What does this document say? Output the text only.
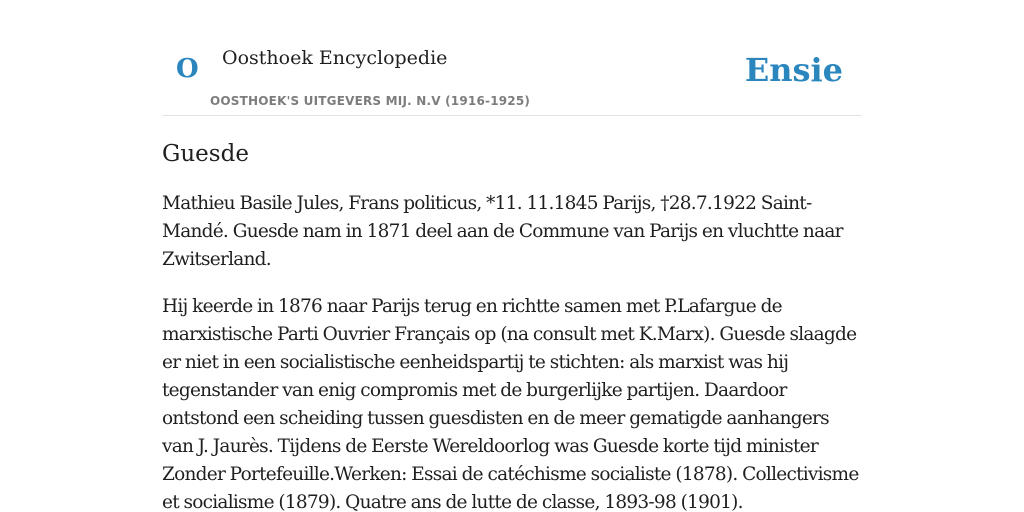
O Oosthoek Encyclopedie
OOSTHOEK'S UITGEVERS MIJ. N.V (1916-1925)
Ensie
Guesde

Mathieu Basile Jules, Frans politicus, *11. 11.1845 Parijs, †28.7.1922 Saint-Mandé. Guesde nam in 1871 deel aan de Commune van Parijs en vluchtte naar Zwitserland.

Hij keerde in 1876 naar Parijs terug en richtte samen met P.Lafargue de marxistische Parti Ouvrier Français op (na consult met K.Marx). Guesde slaagde er niet in een socialistische eenheidspartij te stichten: als marxist was hij tegenstander van enig compromis met de burgerlijke partijen. Daardoor ontstond een scheiding tussen guesdisten en de meer gematigde aanhangers van J. Jaurès. Tijdens de Eerste Wereldoorlog was Guesde korte tijd minister Zonder Portefeuille.Werken: Essai de catéchisme socialiste (1878). Collectivisme et socialisme (1879). Quatre ans de lutte de classe, 1893-98 (1901).
